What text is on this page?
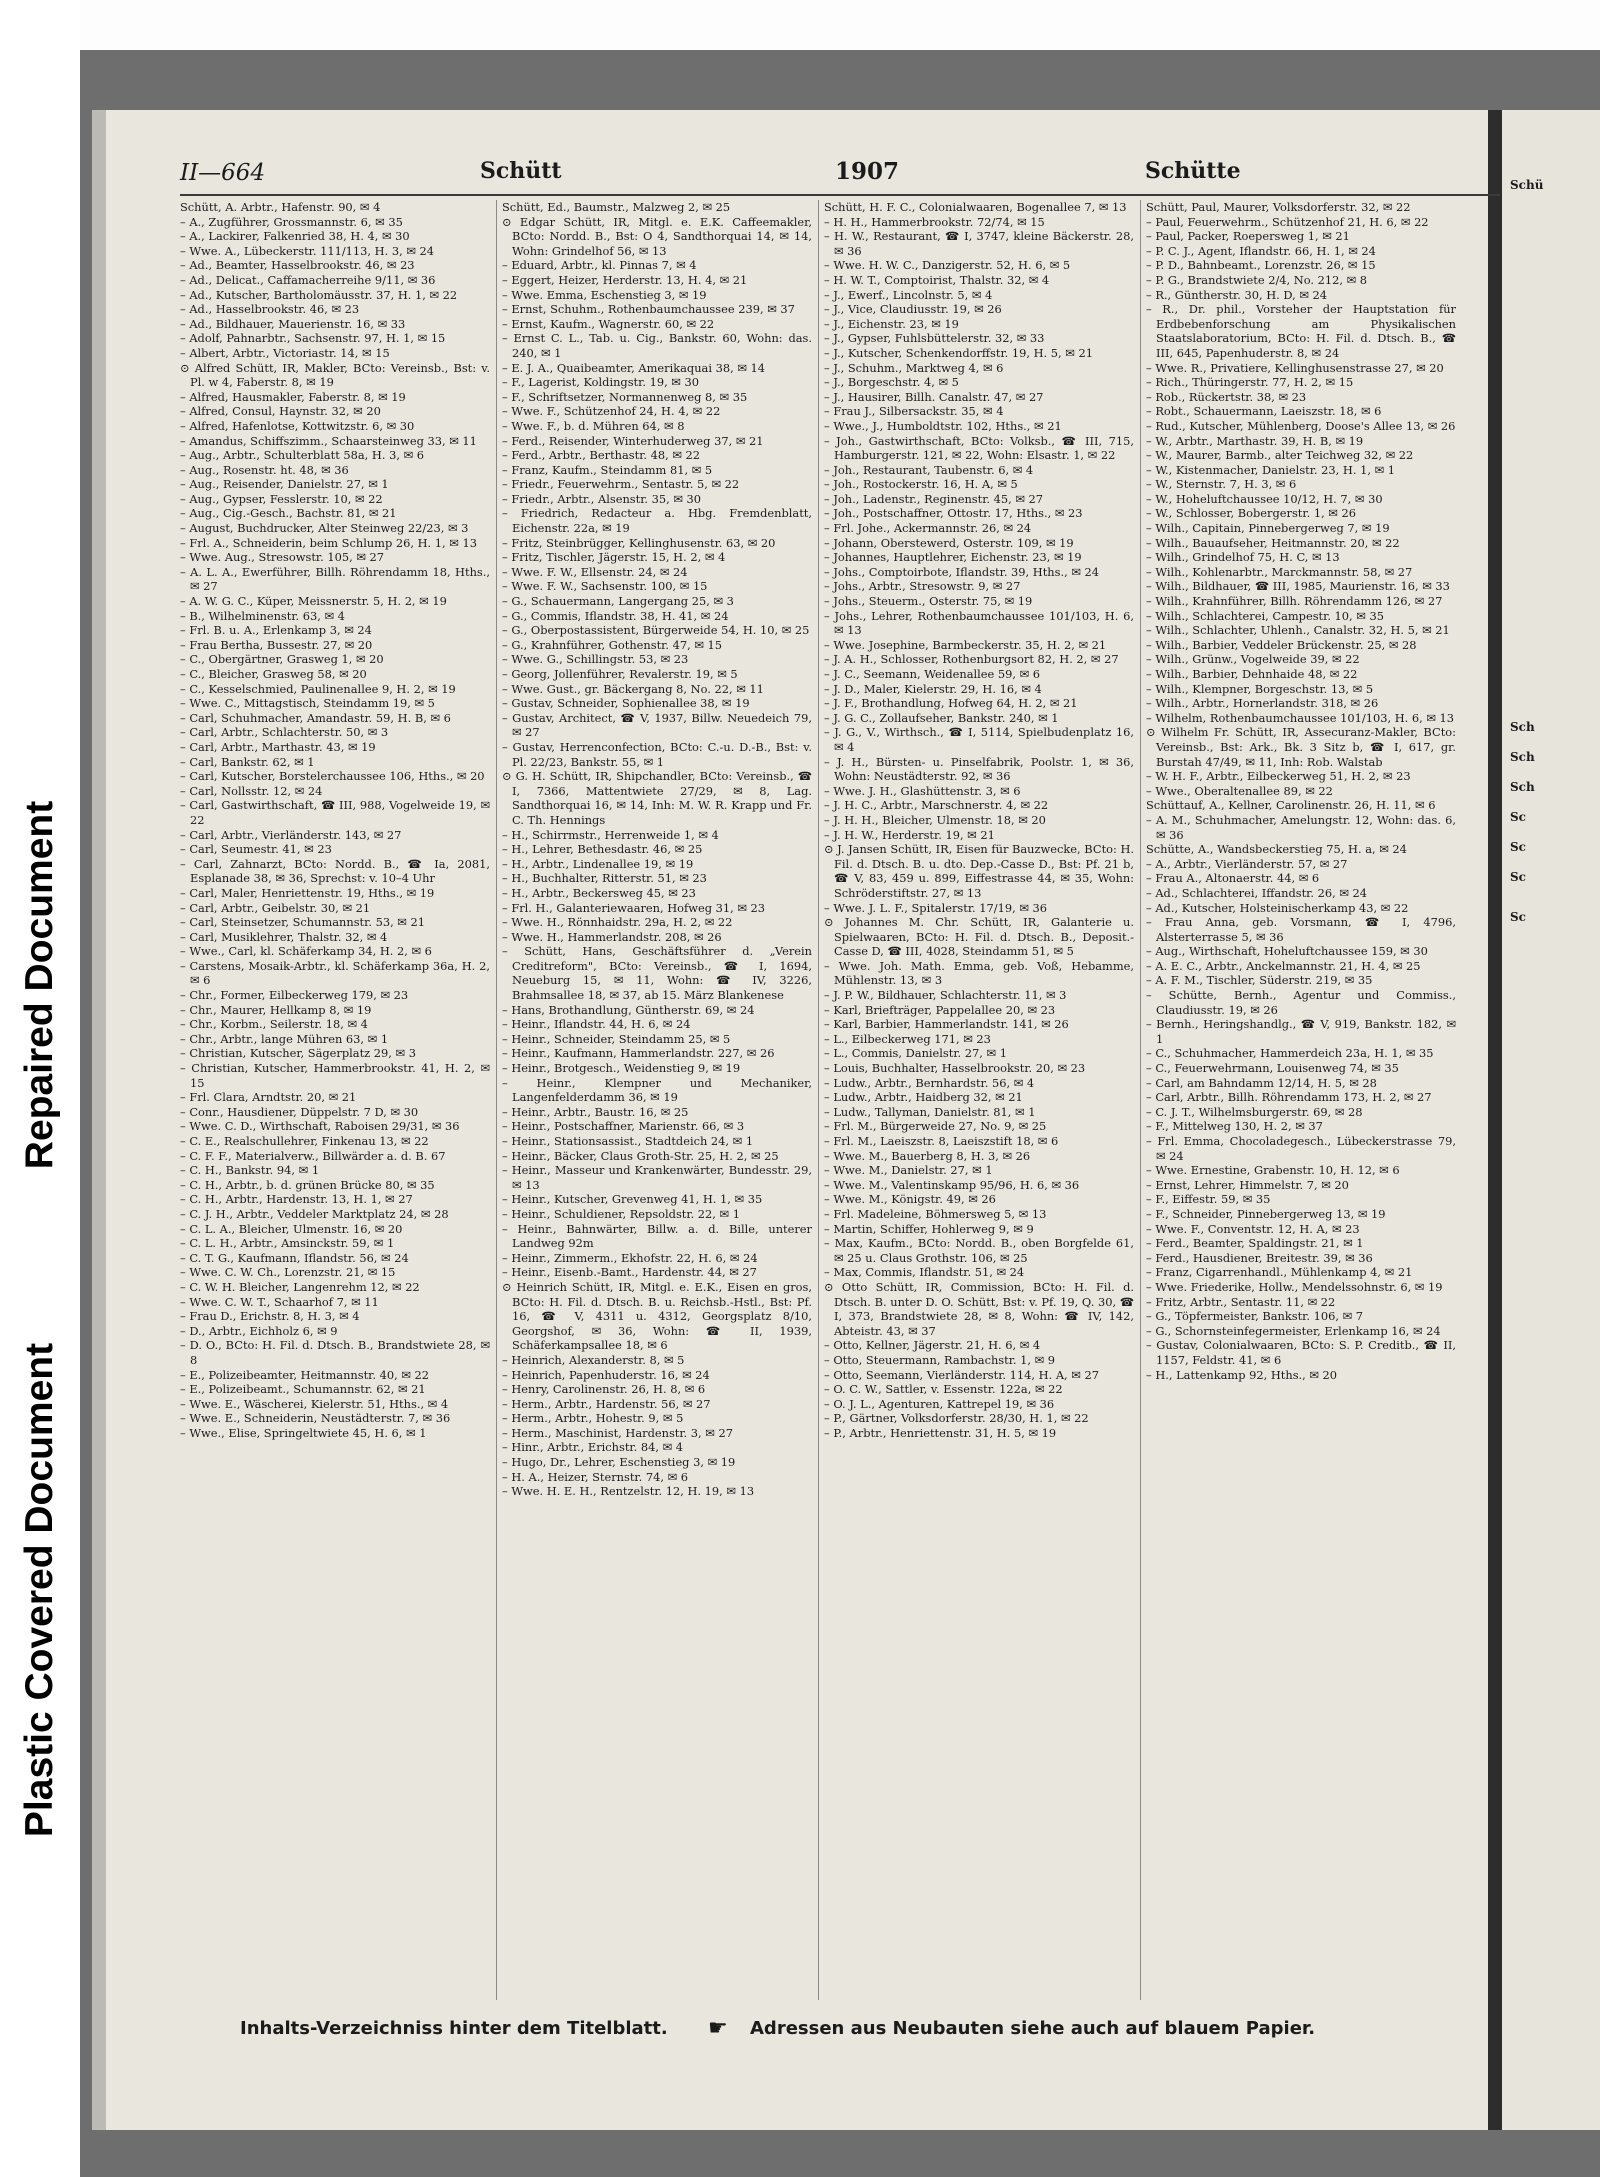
Repaired Document
Plastic Covered Document
Schü
Sch
Sch
Sch
Sc
Sc
Sc
Sc
II—664	Schütt	1907	Schütte

Schütt, A. Arbtr., Hafenstr. 90, ✉ 4

– A., Zugführer, Grossmannstr. 6, ✉ 35

– A., Lackirer, Falkenried 38, H. 4, ✉ 30

– Wwe. A., Lübeckerstr. 111/113, H. 3, ✉ 24

– Ad., Beamter, Hasselbrookstr. 46, ✉ 23

– Ad., Delicat., Caffamacherreihe 9/11, ✉ 36

– Ad., Kutscher, Bartholomäusstr. 37, H. 1, ✉ 22

– Ad., Hasselbrookstr. 46, ✉ 23

– Ad., Bildhauer, Mauerienstr. 16, ✉ 33

– Adolf, Pahnarbtr., Sachsenstr. 97, H. 1, ✉ 15

– Albert, Arbtr., Victoriastr. 14, ✉ 15

⊙ Alfred Schütt, IR, Makler, BCto: Vereinsb., Bst: v. Pl. w 4, Faberstr. 8, ✉ 19

– Alfred, Hausmakler, Faberstr. 8, ✉ 19

– Alfred, Consul, Haynstr. 32, ✉ 20

– Alfred, Hafenlotse, Kottwitzstr. 6, ✉ 30

– Amandus, Schiffszimm., Schaarsteinweg 33, ✉ 11

– Aug., Arbtr., Schulterblatt 58a, H. 3, ✉ 6

– Aug., Rosenstr. ht. 48, ✉ 36

– Aug., Reisender, Danielstr. 27, ✉ 1

– Aug., Gypser, Fesslerstr. 10, ✉ 22

– Aug., Cig.-Gesch., Bachstr. 81, ✉ 21

– August, Buchdrucker, Alter Steinweg 22/23, ✉ 3

– Frl. A., Schneiderin, beim Schlump 26, H. 1, ✉ 13

– Wwe. Aug., Stresowstr. 105, ✉ 27

– A. L. A., Ewerführer, Billh. Röhrendamm 18, Hths., ✉ 27

– A. W. G. C., Küper, Meissnerstr. 5, H. 2, ✉ 19

– B., Wilhelminenstr. 63, ✉ 4

– Frl. B. u. A., Erlenkamp 3, ✉ 24

– Frau Bertha, Bussestr. 27, ✉ 20

– C., Obergärtner, Grasweg 1, ✉ 20

– C., Bleicher, Grasweg 58, ✉ 20

– C., Kesselschmied, Paulinenallee 9, H. 2, ✉ 19

– Wwe. C., Mittagstisch, Steindamm 19, ✉ 5

– Carl, Schuhmacher, Amandastr. 59, H. B, ✉ 6

– Carl, Arbtr., Schlachterstr. 50, ✉ 3

– Carl, Arbtr., Marthastr. 43, ✉ 19

– Carl, Bankstr. 62, ✉ 1

– Carl, Kutscher, Borstelerchaussee 106, Hths., ✉ 20

– Carl, Nollsstr. 12, ✉ 24

– Carl, Gastwirthschaft, ☎ III, 988, Vogelweide 19, ✉ 22

– Carl, Arbtr., Vierländerstr. 143, ✉ 27

– Carl, Seumestr. 41, ✉ 23

– Carl, Zahnarzt, BCto: Nordd. B., ☎ Ia, 2081, Esplanade 38, ✉ 36, Sprechst: v. 10–4 Uhr

– Carl, Maler, Henriettenstr. 19, Hths., ✉ 19

– Carl, Arbtr., Geibelstr. 30, ✉ 21

– Carl, Steinsetzer, Schumannstr. 53, ✉ 21

– Carl, Musiklehrer, Thalstr. 32, ✉ 4

– Wwe., Carl, kl. Schäferkamp 34, H. 2, ✉ 6

– Carstens, Mosaik-Arbtr., kl. Schäferkamp 36a, H. 2, ✉ 6

– Chr., Former, Eilbeckerweg 179, ✉ 23

– Chr., Maurer, Hellkamp 8, ✉ 19

– Chr., Korbm., Seilerstr. 18, ✉ 4

– Chr., Arbtr., lange Mühren 63, ✉ 1

– Christian, Kutscher, Sägerplatz 29, ✉ 3

– Christian, Kutscher, Hammerbrookstr. 41, H. 2, ✉ 15

– Frl. Clara, Arndtstr. 20, ✉ 21

– Conr., Hausdiener, Düppelstr. 7 D, ✉ 30

– Wwe. C. D., Wirthschaft, Raboisen 29/31, ✉ 36

– C. E., Realschullehrer, Finkenau 13, ✉ 22

– C. F. F., Materialverw., Billwärder a. d. B. 67

– C. H., Bankstr. 94, ✉ 1

– C. H., Arbtr., b. d. grünen Brücke 80, ✉ 35

– C. H., Arbtr., Hardenstr. 13, H. 1, ✉ 27

– C. J. H., Arbtr., Veddeler Marktplatz 24, ✉ 28

– C. L. A., Bleicher, Ulmenstr. 16, ✉ 20

– C. L. H., Arbtr., Amsinckstr. 59, ✉ 1

– C. T. G., Kaufmann, Iflandstr. 56, ✉ 24

– Wwe. C. W. Ch., Lorenzstr. 21, ✉ 15

– C. W. H. Bleicher, Langenrehm 12, ✉ 22

– Wwe. C. W. T., Schaarhof 7, ✉ 11

– Frau D., Erichstr. 8, H. 3, ✉ 4

– D., Arbtr., Eichholz 6, ✉ 9

– D. O., BCto: H. Fil. d. Dtsch. B., Brandstwiete 28, ✉ 8

– E., Polizeibeamter, Heitmannstr. 40, ✉ 22

– E., Polizeibeamt., Schumannstr. 62, ✉ 21

– Wwe. E., Wäscherei, Kielerstr. 51, Hths., ✉ 4

– Wwe. E., Schneiderin, Neustädterstr. 7, ✉ 36

– Wwe., Elise, Springeltwiete 45, H. 6, ✉ 1

Schütt, Ed., Baumstr., Malzweg 2, ✉ 25

⊙ Edgar Schütt, IR, Mitgl. e. E.K. Caffeemakler, BCto: Nordd. B., Bst: O 4, Sandthorquai 14, ✉ 14, Wohn: Grindelhof 56, ✉ 13

– Eduard, Arbtr., kl. Pinnas 7, ✉ 4

– Eggert, Heizer, Herderstr. 13, H. 4, ✉ 21

– Wwe. Emma, Eschenstieg 3, ✉ 19

– Ernst, Schuhm., Rothenbaumchaussee 239, ✉ 37

– Ernst, Kaufm., Wagnerstr. 60, ✉ 22

– Ernst C. L., Tab. u. Cig., Bankstr. 60, Wohn: das. 240, ✉ 1

– E. J. A., Quaibeamter, Amerikaquai 38, ✉ 14

– F., Lagerist, Koldingstr. 19, ✉ 30

– F., Schriftsetzer, Normannenweg 8, ✉ 35

– Wwe. F., Schützenhof 24, H. 4, ✉ 22

– Wwe. F., b. d. Mühren 64, ✉ 8

– Ferd., Reisender, Winterhuderweg 37, ✉ 21

– Ferd., Arbtr., Berthastr. 48, ✉ 22

– Franz, Kaufm., Steindamm 81, ✉ 5

– Friedr., Feuerwehrm., Sentastr. 5, ✉ 22

– Friedr., Arbtr., Alsenstr. 35, ✉ 30

– Friedrich, Redacteur a. Hbg. Fremdenblatt, Eichenstr. 22a, ✉ 19

– Fritz, Steinbrügger, Kellinghusenstr. 63, ✉ 20

– Fritz, Tischler, Jägerstr. 15, H. 2, ✉ 4

– Wwe. F. W., Ellsenstr. 24, ✉ 24

– Wwe. F. W., Sachsenstr. 100, ✉ 15

– G., Schauermann, Langergang 25, ✉ 3

– G., Commis, Iflandstr. 38, H. 41, ✉ 24

– G., Oberpostassistent, Bürgerweide 54, H. 10, ✉ 25

– G., Krahnführer, Gothenstr. 47, ✉ 15

– Wwe. G., Schillingstr. 53, ✉ 23

– Georg, Jollenführer, Revalerstr. 19, ✉ 5

– Wwe. Gust., gr. Bäckergang 8, No. 22, ✉ 11

– Gustav, Schneider, Sophienallee 38, ✉ 19

– Gustav, Architect, ☎ V, 1937, Billw. Neuedeich 79, ✉ 27

– Gustav, Herrenconfection, BCto: C.-u. D.-B., Bst: v. Pl. 22/23, Bankstr. 55, ✉ 1

⊙ G. H. Schütt, IR, Shipchandler, BCto: Vereinsb., ☎ I, 7366, Mattentwiete 27/29, ✉ 8, Lag. Sandthorquai 16, ✉ 14, Inh: M. W. R. Krapp und Fr. C. Th. Hennings

– H., Schirrmstr., Herrenweide 1, ✉ 4

– H., Lehrer, Bethesdastr. 46, ✉ 25

– H., Arbtr., Lindenallee 19, ✉ 19

– H., Buchhalter, Ritterstr. 51, ✉ 23

– H., Arbtr., Beckersweg 45, ✉ 23

– Frl. H., Galanteriewaaren, Hofweg 31, ✉ 23

– Wwe. H., Rönnhaidstr. 29a, H. 2, ✉ 22

– Wwe. H., Hammerlandstr. 208, ✉ 26

– Schütt, Hans, Geschäftsführer d. „Verein Creditreform", BCto: Vereinsb., ☎ I, 1694, Neueburg 15, ✉ 11, Wohn: ☎ IV, 3226, Brahmsallee 18, ✉ 37, ab 15. März Blankenese

– Hans, Brothandlung, Güntherstr. 69, ✉ 24

– Heinr., Iflandstr. 44, H. 6, ✉ 24

– Heinr., Schneider, Steindamm 25, ✉ 5

– Heinr., Kaufmann, Hammerlandstr. 227, ✉ 26

– Heinr., Brotgesch., Weidenstieg 9, ✉ 19

– Heinr., Klempner und Mechaniker, Langenfelderdamm 36, ✉ 19

– Heinr., Arbtr., Baustr. 16, ✉ 25

– Heinr., Postschaffner, Marienstr. 66, ✉ 3

– Heinr., Stationsassist., Stadtdeich 24, ✉ 1

– Heinr., Bäcker, Claus Groth-Str. 25, H. 2, ✉ 25

– Heinr., Masseur und Krankenwärter, Bundesstr. 29, ✉ 13

– Heinr., Kutscher, Grevenweg 41, H. 1, ✉ 35

– Heinr., Schuldiener, Repsoldstr. 22, ✉ 1

– Heinr., Bahnwärter, Billw. a. d. Bille, unterer Landweg 92m

– Heinr., Zimmerm., Ekhofstr. 22, H. 6, ✉ 24

– Heinr., Eisenb.-Bamt., Hardenstr. 44, ✉ 27

⊙ Heinrich Schütt, IR, Mitgl. e. E.K., Eisen en gros, BCto: H. Fil. d. Dtsch. B. u. Reichsb.-Hstl., Bst: Pf. 16, ☎ V, 4311 u. 4312, Georgsplatz 8/10, Georgshof, ✉ 36, Wohn: ☎ II, 1939, Schäferkampsallee 18, ✉ 6

– Heinrich, Alexanderstr. 8, ✉ 5

– Heinrich, Papenhuderstr. 16, ✉ 24

– Henry, Carolinenstr. 26, H. 8, ✉ 6

– Herm., Arbtr., Hardenstr. 56, ✉ 27

– Herm., Arbtr., Hohestr. 9, ✉ 5

– Herm., Maschinist, Hardenstr. 3, ✉ 27

– Hinr., Arbtr., Erichstr. 84, ✉ 4

– Hugo, Dr., Lehrer, Eschenstieg 3, ✉ 19

– H. A., Heizer, Sternstr. 74, ✉ 6

– Wwe. H. E. H., Rentzelstr. 12, H. 19, ✉ 13

Schütt, H. F. C., Colonialwaaren, Bogenallee 7, ✉ 13

– H. H., Hammerbrookstr. 72/74, ✉ 15

– H. W., Restaurant, ☎ I, 3747, kleine Bäckerstr. 28, ✉ 36

– Wwe. H. W. C., Danzigerstr. 52, H. 6, ✉ 5

– H. W. T., Comptoirist, Thalstr. 32, ✉ 4

– J., Ewerf., Lincolnstr. 5, ✉ 4

– J., Vice, Claudiusstr. 19, ✉ 26

– J., Eichenstr. 23, ✉ 19

– J., Gypser, Fuhlsbüttelerstr. 32, ✉ 33

– J., Kutscher, Schenkendorffstr. 19, H. 5, ✉ 21

– J., Schuhm., Marktweg 4, ✉ 6

– J., Borgeschstr. 4, ✉ 5

– J., Hausirer, Billh. Canalstr. 47, ✉ 27

– Frau J., Silbersackstr. 35, ✉ 4

– Wwe., J., Humboldtstr. 102, Hths., ✉ 21

– Joh., Gastwirthschaft, BCto: Volksb., ☎ III, 715, Hamburgerstr. 121, ✉ 22, Wohn: Elsastr. 1, ✉ 22

– Joh., Restaurant, Taubenstr. 6, ✉ 4

– Joh., Rostockerstr. 16, H. A, ✉ 5

– Joh., Ladenstr., Reginenstr. 45, ✉ 27

– Joh., Postschaffner, Ottostr. 17, Hths., ✉ 23

– Frl. Johe., Ackermannstr. 26, ✉ 24

– Johann, Oberstewerd, Osterstr. 109, ✉ 19

– Johannes, Hauptlehrer, Eichenstr. 23, ✉ 19

– Johs., Comptoirbote, Iflandstr. 39, Hths., ✉ 24

– Johs., Arbtr., Stresowstr. 9, ✉ 27

– Johs., Steuerm., Osterstr. 75, ✉ 19

– Johs., Lehrer, Rothenbaumchaussee 101/103, H. 6, ✉ 13

– Wwe. Josephine, Barmbeckerstr. 35, H. 2, ✉ 21

– J. A. H., Schlosser, Rothenburgsort 82, H. 2, ✉ 27

– J. C., Seemann, Weidenallee 59, ✉ 6

– J. D., Maler, Kielerstr. 29, H. 16, ✉ 4

– J. F., Brothandlung, Hofweg 64, H. 2, ✉ 21

– J. G. C., Zollaufseher, Bankstr. 240, ✉ 1

– J. G., V., Wirthsch., ☎ I, 5114, Spielbudenplatz 16, ✉ 4

– J. H., Bürsten- u. Pinselfabrik, Poolstr. 1, ✉ 36, Wohn: Neustädterstr. 92, ✉ 36

– Wwe. J. H., Glashüttenstr. 3, ✉ 6

– J. H. C., Arbtr., Marschnerstr. 4, ✉ 22

– J. H. H., Bleicher, Ulmenstr. 18, ✉ 20

– J. H. W., Herderstr. 19, ✉ 21

⊙ J. Jansen Schütt, IR, Eisen für Bauzwecke, BCto: H. Fil. d. Dtsch. B. u. dto. Dep.-Casse D., Bst: Pf. 21 b, ☎ V, 83, 459 u. 899, Eiffestrasse 44, ✉ 35, Wohn: Schröderstiftstr. 27, ✉ 13

– Wwe. J. L. F., Spitalerstr. 17/19, ✉ 36

⊙ Johannes M. Chr. Schütt, IR, Galanterie u. Spielwaaren, BCto: H. Fil. d. Dtsch. B., Deposit.-Casse D, ☎ III, 4028, Steindamm 51, ✉ 5

– Wwe. Joh. Math. Emma, geb. Voß, Hebamme, Mühlenstr. 13, ✉ 3

– J. P. W., Bildhauer, Schlachterstr. 11, ✉ 3

– Karl, Briefträger, Pappelallee 20, ✉ 23

– Karl, Barbier, Hammerlandstr. 141, ✉ 26

– L., Eilbeckerweg 171, ✉ 23

– L., Commis, Danielstr. 27, ✉ 1

– Louis, Buchhalter, Hasselbrookstr. 20, ✉ 23

– Ludw., Arbtr., Bernhardstr. 56, ✉ 4

– Ludw., Arbtr., Haidberg 32, ✉ 21

– Ludw., Tallyman, Danielstr. 81, ✉ 1

– Frl. M., Bürgerweide 27, No. 9, ✉ 25

– Frl. M., Laeiszstr. 8, Laeiszstift 18, ✉ 6

– Wwe. M., Bauerberg 8, H. 3, ✉ 26

– Wwe. M., Danielstr. 27, ✉ 1

– Wwe. M., Valentinskamp 95/96, H. 6, ✉ 36

– Wwe. M., Königstr. 49, ✉ 26

– Frl. Madeleine, Böhmersweg 5, ✉ 13

– Martin, Schiffer, Hohlerweg 9, ✉ 9

– Max, Kaufm., BCto: Nordd. B., oben Borgfelde 61, ✉ 25 u. Claus Grothstr. 106, ✉ 25

– Max, Commis, Iflandstr. 51, ✉ 24

⊙ Otto Schütt, IR, Commission, BCto: H. Fil. d. Dtsch. B. unter D. O. Schütt, Bst: v. Pf. 19, Q. 30, ☎ I, 373, Brandstwiete 28, ✉ 8, Wohn: ☎ IV, 142, Abteistr. 43, ✉ 37

– Otto, Kellner, Jägerstr. 21, H. 6, ✉ 4

– Otto, Steuermann, Rambachstr. 1, ✉ 9

– Otto, Seemann, Vierländerstr. 114, H. A, ✉ 27

– O. C. W., Sattler, v. Essenstr. 122a, ✉ 22

– O. J. L., Agenturen, Kattrepel 19, ✉ 36

– P., Gärtner, Volksdorferstr. 28/30, H. 1, ✉ 22

– P., Arbtr., Henriettenstr. 31, H. 5, ✉ 19

Schütt, Paul, Maurer, Volksdorferstr. 32, ✉ 22

– Paul, Feuerwehrm., Schützenhof 21, H. 6, ✉ 22

– Paul, Packer, Roepersweg 1, ✉ 21

– P. C. J., Agent, Iflandstr. 66, H. 1, ✉ 24

– P. D., Bahnbeamt., Lorenzstr. 26, ✉ 15

– P. G., Brandstwiete 2/4, No. 212, ✉ 8

– R., Güntherstr. 30, H. D, ✉ 24

– R., Dr. phil., Vorsteher der Hauptstation für Erdbebenforschung am Physikalischen Staatslaboratorium, BCto: H. Fil. d. Dtsch. B., ☎ III, 645, Papenhuderstr. 8, ✉ 24

– Wwe. R., Privatiere, Kellinghusenstrasse 27, ✉ 20

– Rich., Thüringerstr. 77, H. 2, ✉ 15

– Rob., Rückertstr. 38, ✉ 23

– Robt., Schauermann, Laeiszstr. 18, ✉ 6

– Rud., Kutscher, Mühlenberg, Doose's Allee 13, ✉ 26

– W., Arbtr., Marthastr. 39, H. B, ✉ 19

– W., Maurer, Barmb., alter Teichweg 32, ✉ 22

– W., Kistenmacher, Danielstr. 23, H. 1, ✉ 1

– W., Sternstr. 7, H. 3, ✉ 6

– W., Hoheluftchaussee 10/12, H. 7, ✉ 30

– W., Schlosser, Bobergerstr. 1, ✉ 26

– Wilh., Capitain, Pinnebergerweg 7, ✉ 19

– Wilh., Bauaufseher, Heitmannstr. 20, ✉ 22

– Wilh., Grindelhof 75, H. C, ✉ 13

– Wilh., Kohlenarbtr., Marckmannstr. 58, ✉ 27

– Wilh., Bildhauer, ☎ III, 1985, Maurienstr. 16, ✉ 33

– Wilh., Krahnführer, Billh. Röhrendamm 126, ✉ 27

– Wilh., Schlachterei, Campestr. 10, ✉ 35

– Wilh., Schlachter, Uhlenh., Canalstr. 32, H. 5, ✉ 21

– Wilh., Barbier, Veddeler Brückenstr. 25, ✉ 28

– Wilh., Grünw., Vogelweide 39, ✉ 22

– Wilh., Barbier, Dehnhaide 48, ✉ 22

– Wilh., Klempner, Borgeschstr. 13, ✉ 5

– Wilh., Arbtr., Hornerlandstr. 318, ✉ 26

– Wilhelm, Rothenbaumchaussee 101/103, H. 6, ✉ 13

⊙ Wilhelm Fr. Schütt, IR, Assecuranz-Makler, BCto: Vereinsb., Bst: Ark., Bk. 3 Sitz b, ☎ I, 617, gr. Burstah 47/49, ✉ 11, Inh: Rob. Walstab

– W. H. F., Arbtr., Eilbeckerweg 51, H. 2, ✉ 23

– Wwe., Oberaltenallee 89, ✉ 22

Schüttauf, A., Kellner, Carolinenstr. 26, H. 11, ✉ 6

– A. M., Schuhmacher, Amelungstr. 12, Wohn: das. 6, ✉ 36

Schütte, A., Wandsbeckerstieg 75, H. a, ✉ 24

– A., Arbtr., Vierländerstr. 57, ✉ 27

– Frau A., Altonaerstr. 44, ✉ 6

– Ad., Schlachterei, Iffandstr. 26, ✉ 24

– Ad., Kutscher, Holsteinischerkamp 43, ✉ 22

– Frau Anna, geb. Vorsmann, ☎ I, 4796, Alsterterrasse 5, ✉ 36

– Aug., Wirthschaft, Hoheluftchaussee 159, ✉ 30

– A. E. C., Arbtr., Anckelmannstr. 21, H. 4, ✉ 25

– A. F. M., Tischler, Süderstr. 219, ✉ 35

– Schütte, Bernh., Agentur und Commiss., Claudiusstr. 19, ✉ 26

– Bernh., Heringshandlg., ☎ V, 919, Bankstr. 182, ✉ 1

– C., Schuhmacher, Hammerdeich 23a, H. 1, ✉ 35

– C., Feuerwehrmann, Louisenweg 74, ✉ 35

– Carl, am Bahndamm 12/14, H. 5, ✉ 28

– Carl, Arbtr., Billh. Röhrendamm 173, H. 2, ✉ 27

– C. J. T., Wilhelmsburgerstr. 69, ✉ 28

– F., Mittelweg 130, H. 2, ✉ 37

– Frl. Emma, Chocoladegesch., Lübeckerstrasse 79, ✉ 24

– Wwe. Ernestine, Grabenstr. 10, H. 12, ✉ 6

– Ernst, Lehrer, Himmelstr. 7, ✉ 20

– F., Eiffestr. 59, ✉ 35

– F., Schneider, Pinnebergerweg 13, ✉ 19

– Wwe. F., Conventstr. 12, H. A, ✉ 23

– Ferd., Beamter, Spaldingstr. 21, ✉ 1

– Ferd., Hausdiener, Breitestr. 39, ✉ 36

– Franz, Cigarrenhandl., Mühlenkamp 4, ✉ 21

– Wwe. Friederike, Hollw., Mendelssohnstr. 6, ✉ 19

– Fritz, Arbtr., Sentastr. 11, ✉ 22

– G., Töpfermeister, Bankstr. 106, ✉ 7

– G., Schornsteinfegermeister, Erlenkamp 16, ✉ 24

– Gustav, Colonialwaaren, BCto: S. P. Creditb., ☎ II, 1157, Feldstr. 41, ✉ 6

– H., Lattenkamp 92, Hths., ✉ 20

Inhalts-Verzeichniss hinter dem Titelblatt. ☛ Adressen aus Neubauten siehe auch auf blauem Papier.
